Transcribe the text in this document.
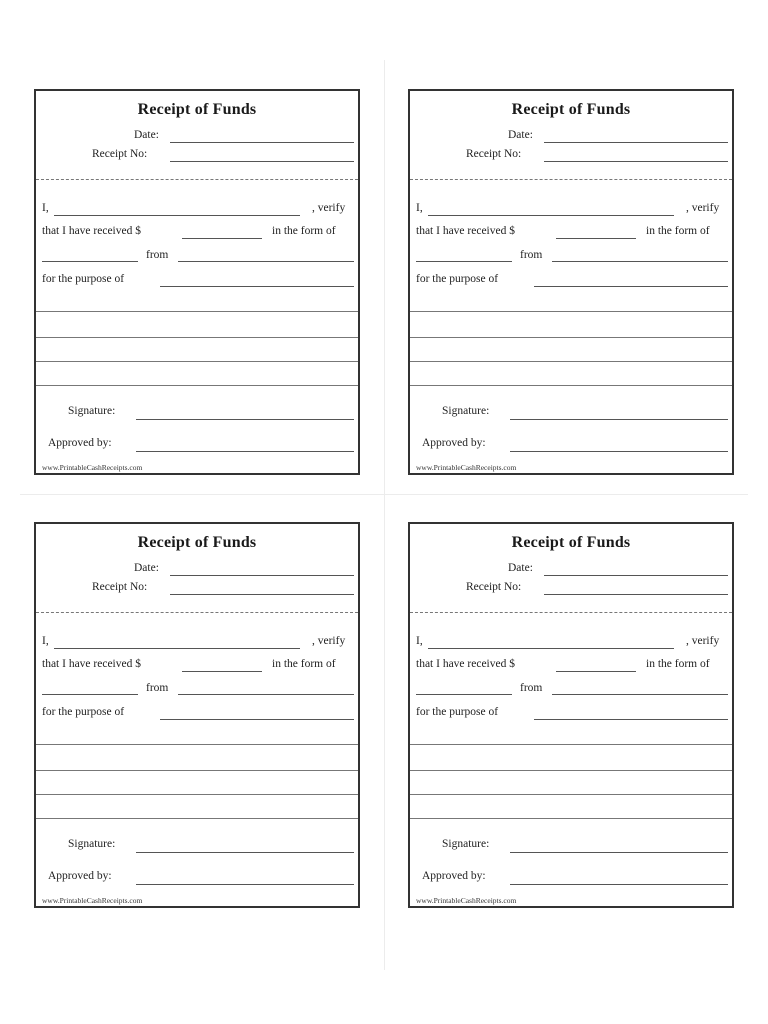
Receipt of Funds
Date:
Receipt No:
I,	, verify
that I have received $	in the form of
from
for the purpose of
Signature:
Approved by:
www.PrintableCashReceipts.com
Receipt of Funds
Date:
Receipt No:
I,	, verify
that I have received $	in the form of
from
for the purpose of
Signature:
Approved by:
www.PrintableCashReceipts.com
Receipt of Funds
Date:
Receipt No:
I,	, verify
that I have received $	in the form of
from
for the purpose of
Signature:
Approved by:
www.PrintableCashReceipts.com
Receipt of Funds
Date:
Receipt No:
I,	, verify
that I have received $	in the form of
from
for the purpose of
Signature:
Approved by:
www.PrintableCashReceipts.com
